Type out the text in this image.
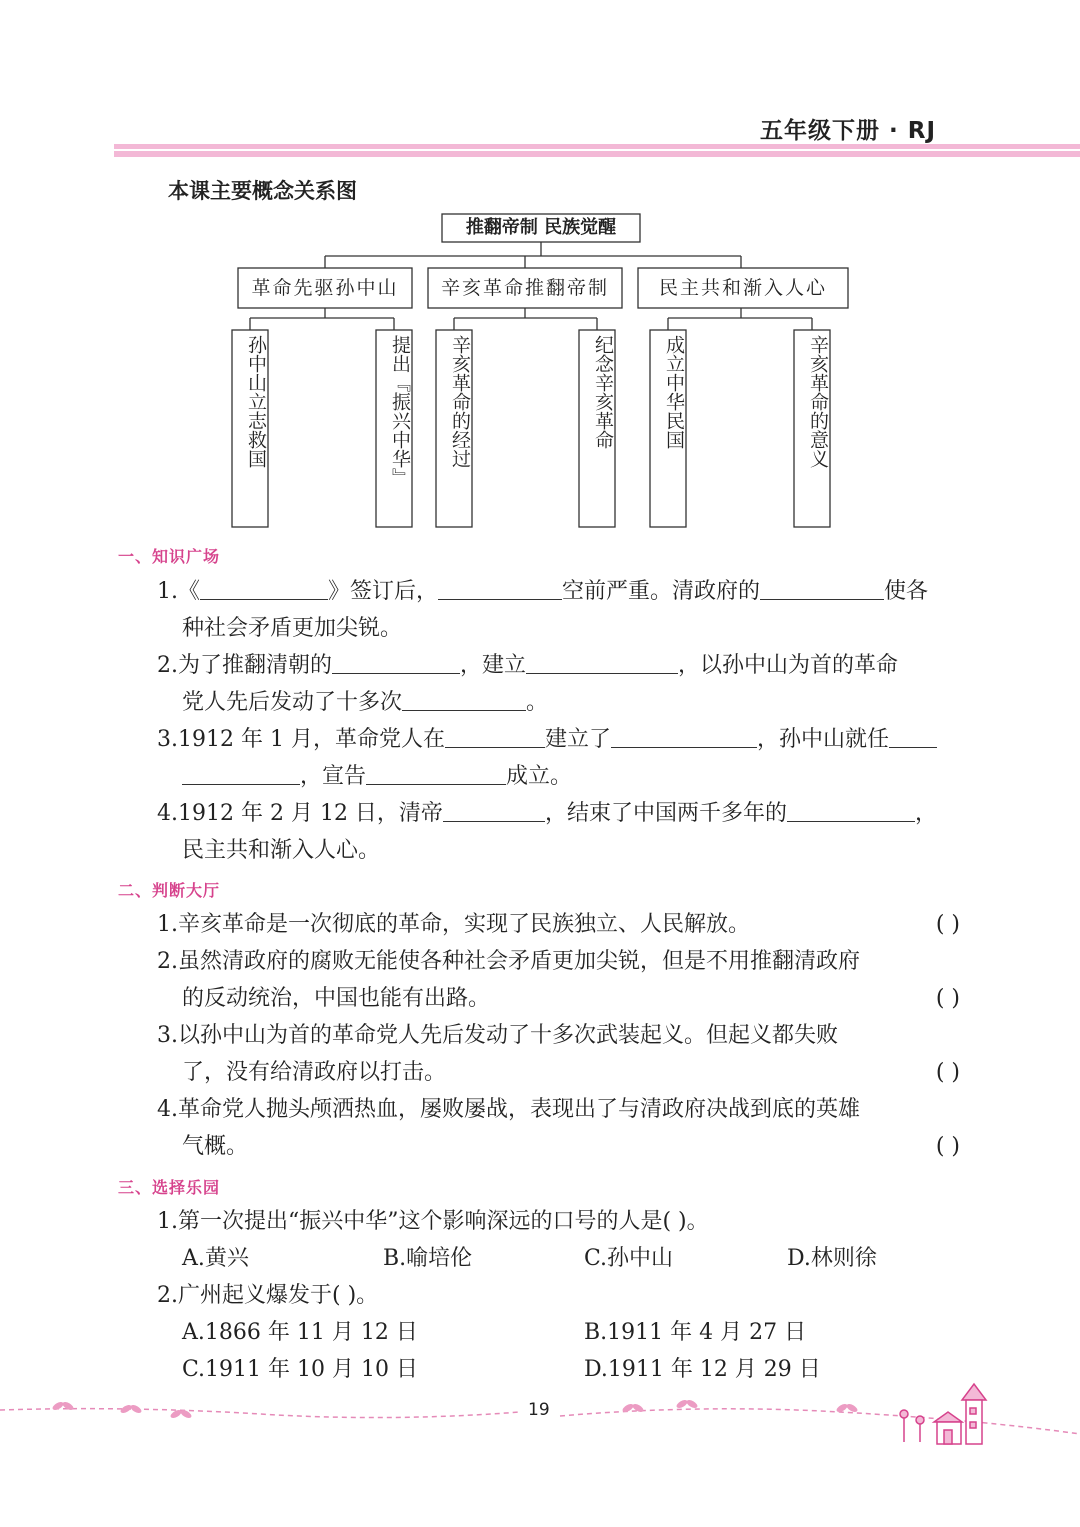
五年级下册 · RJ
本课主要概念关系图
推翻帝制 民族觉醒
革命先驱孙中山	辛亥革命推翻帝制	民主共和渐入人心
孙中山立志救国	提出『振兴中华』	辛亥革命的经过	纪念辛亥革命	成立中华民国	辛亥革命的意义
一、知识广场
1.《	》签订后，	空前严重。清政府的	使各
种社会矛盾更加尖锐。
2.为了推翻清朝的	，建立	，以孙中山为首的革命
党人先后发动了十多次	。
3.1912 年 1 月，革命党人在	建立了	，孙中山就任
，宣告	成立。
4.1912 年 2 月 12 日，清帝	，结束了中国两千多年的	，
民主共和渐入人心。
二、判断大厅
1.辛亥革命是一次彻底的革命，实现了民族独立、人民解放。	( )
2.虽然清政府的腐败无能使各种社会矛盾更加尖锐，但是不用推翻清政府
的反动统治，中国也能有出路。	( )
3.以孙中山为首的革命党人先后发动了十多次武装起义。但起义都失败
了，没有给清政府以打击。	( )
4.革命党人抛头颅洒热血，屡败屡战，表现出了与清政府决战到底的英雄
气概。	( )
三、选择乐园
1.第一次提出“振兴中华”这个影响深远的口号的人是( )。
A.黄兴	B.喻培伦	C.孙中山	D.林则徐
2.广州起义爆发于( )。
A.1866 年 11 月 12 日	B.1911 年 4 月 27 日
C.1911 年 10 月 10 日	D.1911 年 12 月 29 日
19
